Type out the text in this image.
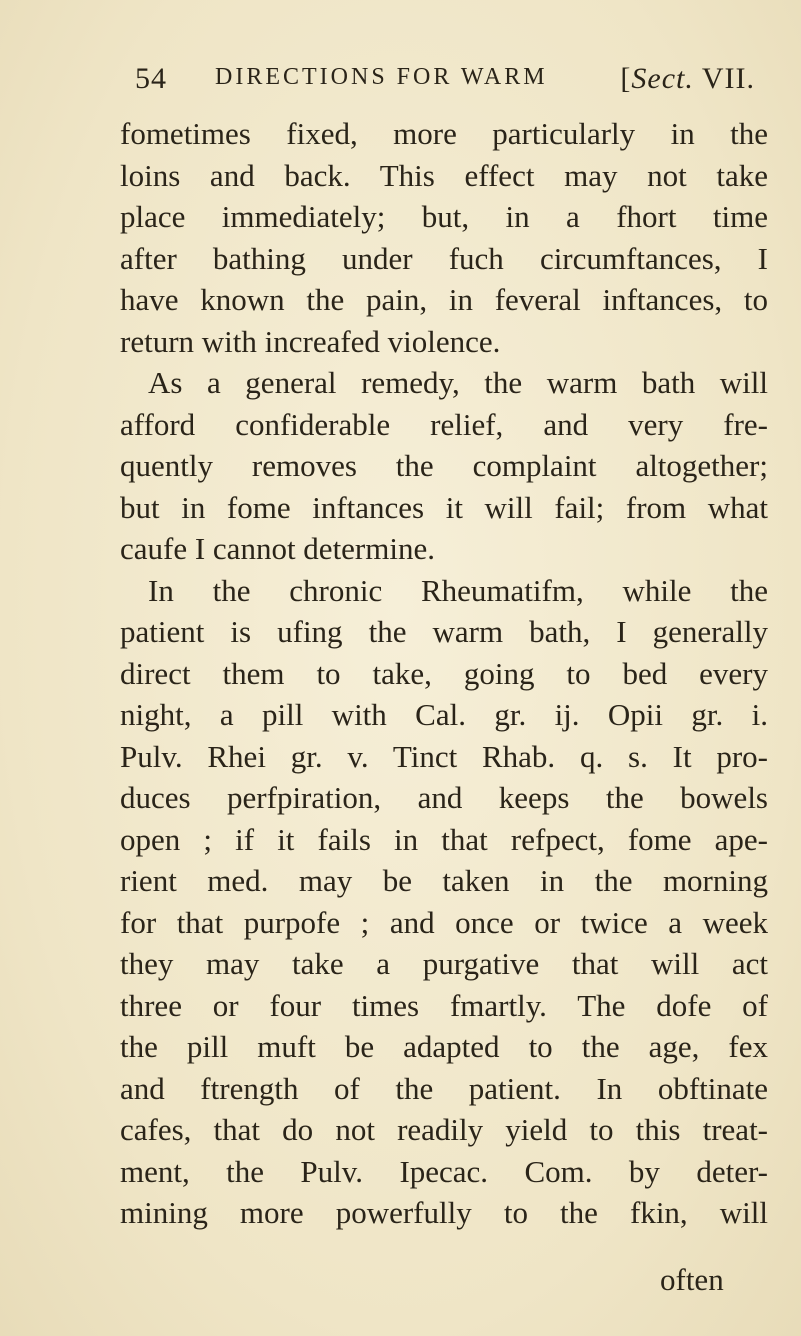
54 DIRECTIONS FOR WARM [Sect. VII.
fometimes fixed, more particularly in the
loins and back. This effect may not take
place immediately; but, in a fhort time
after bathing under fuch circumftances, I
have known the pain, in feveral inftances, to
return with increafed violence.
As a general remedy, the warm bath will
afford confiderable relief, and very fre-
quently removes the complaint altogether;
but in fome inftances it will fail; from what
caufe I cannot determine.
In the chronic Rheumatifm, while the
patient is ufing the warm bath, I generally
direct them to take, going to bed every
night, a pill with Cal. gr. ij. Opii gr. i.
Pulv. Rhei gr. v. Tinct Rhab. q. s. It pro-
duces perfpiration, and keeps the bowels
open ; if it fails in that refpect, fome ape-
rient med. may be taken in the morning
for that purpofe ; and once or twice a week
they may take a purgative that will act
three or four times fmartly. The dofe of
the pill muft be adapted to the age, fex
and ftrength of the patient. In obftinate
cafes, that do not readily yield to this treat-
ment, the Pulv. Ipecac. Com. by deter-
mining more powerfully to the fkin, will
often
